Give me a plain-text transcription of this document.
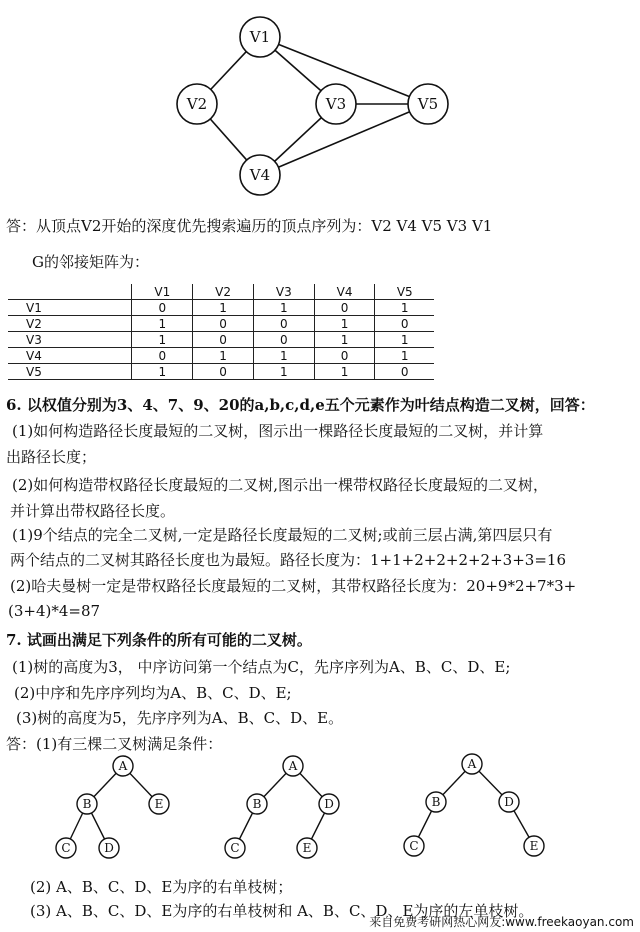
V1
V2	V3
V4
V5
答：从顶点V2开始的深度优先搜索遍历的顶点序列为：V2 V4 V5 V3 V1
G的邻接矩阵为：
	V1	V2	V3	V4	V5
V1	0	1	1	0	1
V2	1	0	0	1	0
V3	1	0	0	1	1
V4	0	1	1	0	1
V5	1	0	1	1	0
6. 以权值分别为3、4、7、9、20的a,b,c,d,e五个元素作为叶结点构造二叉树，回答：
(1)如何构造路径长度最短的二叉树，图示出一棵路径长度最短的二叉树，并计算
出路径长度；
(2)如何构造带权路径长度最短的二叉树,图示出一棵带权路径长度最短的二叉树，
并计算出带权路径长度。
(1)9个结点的完全二叉树,一定是路径长度最短的二叉树;或前三层占满,第四层只有
两个结点的二叉树其路径长度也为最短。路径长度为：1+1+2+2+2+2+3+3=16
(2)哈夫曼树一定是带权路径长度最短的二叉树，其带权路径长度为：20+9*2+7*3+
(3+4)*4=87
7. 试画出满足下列条件的所有可能的二叉树。
(1)树的高度为3， 中序访问第一个结点为C，先序序列为A、B、C、D、E;
(2)中序和先序序列均为A、B、C、D、E;
(3)树的高度为5，先序序列为A、B、C、D、E。
答：(1)有三棵二叉树满足条件：
A
B	E
C	D
A
B	D
C	E
A
B	D
C	E
(2) A、B、C、D、E为序的右单枝树；
(3) A、B、C、D、E为序的右单枝树和 A、B、C、D、E为序的左单枝树。
来自免费考研网热心网友:www.freekaoyan.com
